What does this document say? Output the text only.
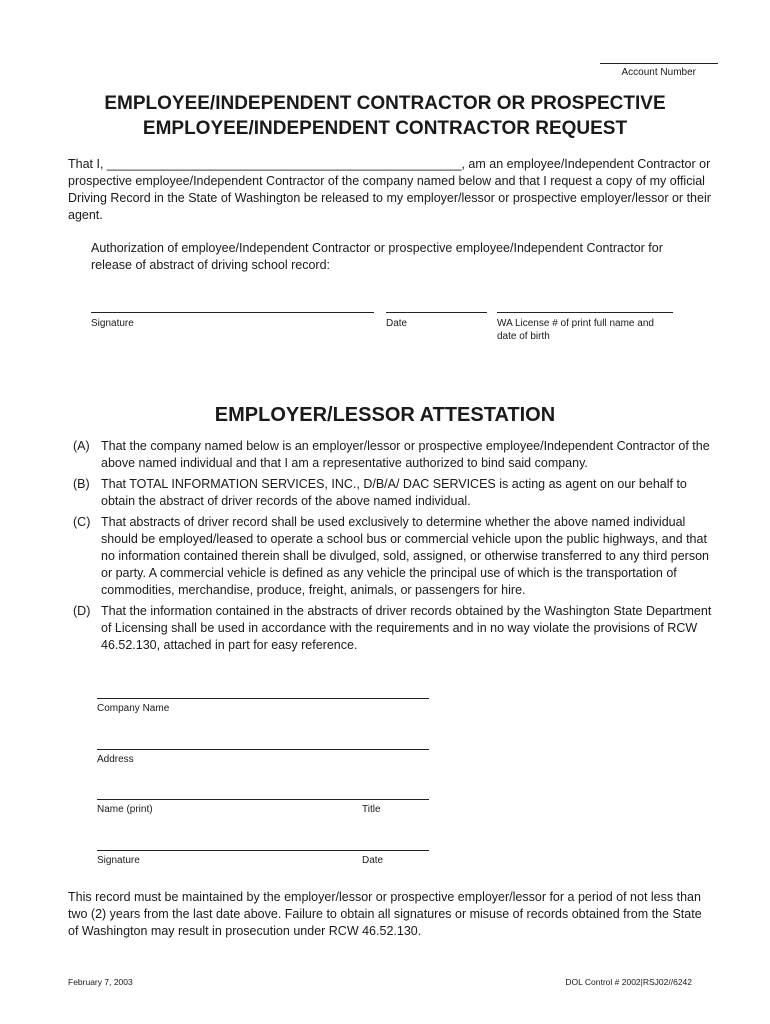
Account Number
EMPLOYEE/INDEPENDENT CONTRACTOR OR PROSPECTIVE
EMPLOYEE/INDEPENDENT CONTRACTOR REQUEST
That I, ___________________________________________________, am an employee/Independent Contractor or
prospective employee/Independent Contractor of the company named below and that I request a copy of my official
Driving Record in the State of Washington be released to my employer/lessor or prospective employer/lessor or their
agent.
Authorization of employee/Independent Contractor or prospective employee/Independent Contractor for release of abstract of driving school record:
Signature	Date	WA License # of print full name and date of birth
EMPLOYER/LESSOR ATTESTATION
(A) That the company named below is an employer/lessor or prospective employee/Independent Contractor of the above named individual and that I am a representative authorized to bind said company.
(B) That TOTAL INFORMATION SERVICES, INC., D/B/A/ DAC SERVICES is acting as agent on our behalf to obtain the abstract of driver records of the above named individual.
(C) That abstracts of driver record shall be used exclusively to determine whether the above named individual should be employed/leased to operate a school bus or commercial vehicle upon the public highways, and that no information contained therein shall be divulged, sold, assigned, or otherwise transferred to any third person or party. A commercial vehicle is defined as any vehicle the principal use of which is the transportation of commodities, merchandise, produce, freight, animals, or passengers for hire.
(D) That the information contained in the abstracts of driver records obtained by the Washington State Department of Licensing shall be used in accordance with the requirements and in no way violate the provisions of RCW 46.52.130, attached in part for easy reference.
Company Name
Address
Name (print)	Title
Signature	Date
This record must be maintained by the employer/lessor or prospective employer/lessor for a period of not less than two (2) years from the last date above. Failure to obtain all signatures or misuse of records obtained from the State of Washington may result in prosecution under RCW 46.52.130.
February 7, 2003	DOL Control # 2002|RSJ02//6242
